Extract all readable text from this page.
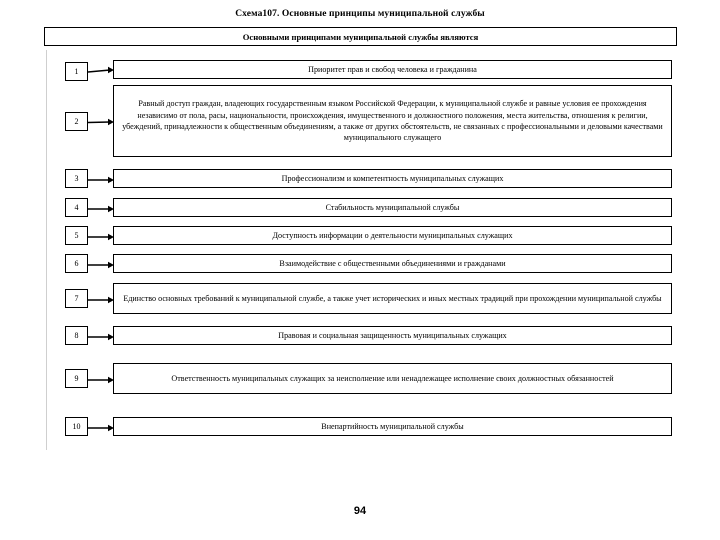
Схема107. Основные принципы муниципальной службы
Основными принципами муниципальной службы являются
1	Приоритет прав и свобод человека и гражданина
2
Равный доступ граждан, владеющих государственным языком Российской Федерации, к муниципальной службе и равные условия ее прохождения независимо от пола, расы, национальности, происхождения, имущественного и должностного положения, места жительства, отношения к религии, убеждений, принадлежности к общественным объединениям, а также от других обстоятельств, не связанных с профессиональными и деловыми качествами муниципального служащего
3	Профессионализм и компетентность муниципальных служащих
4	Стабильность муниципальной службы
5	Доступность информации о деятельности муниципальных служащих
6	Взаимодействие с общественными объединениями и гражданами
7	Единство основных требований к муниципальной службе, а также учет исторических и иных местных традиций при прохождении муниципальной службы
8	Правовая и социальная защищенность муниципальных служащих
9	Ответственность муниципальных служащих за неисполнение или ненадлежащее исполнение своих должностных обязанностей
10	Внепартийность муниципальной службы
94
